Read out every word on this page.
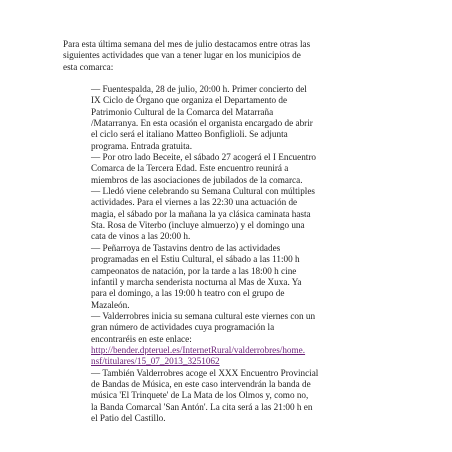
Para esta última semana del mes de julio destacamos entre otras las
siguientes actividades que van a tener lugar en los municipios de
esta comarca:

— Fuentespalda, 28 de julio, 20:00 h. Primer concierto del
IX Ciclo de Órgano que organiza el Departamento de
Patrimonio Cultural de la Comarca del Matarraña
/Matarranya. En esta ocasión el organista encargado de abrir
el ciclo será el italiano Matteo Bonfiglioli. Se adjunta
programa. Entrada gratuita.

— Por otro lado Beceite, el sábado 27 acogerá el I Encuentro
Comarca de la Tercera Edad. Este encuentro reunirá a
miembros de las asociaciones de jubilados de la comarca.

— Lledó viene celebrando su Semana Cultural con múltiples
actividades. Para el viernes a las 22:30 una actuación de
magia, el sábado por la mañana la ya clásica caminata hasta
Sta. Rosa de Viterbo (incluye almuerzo) y el domingo una
cata de vinos a las 20:00 h.

— Peñarroya de Tastavins dentro de las actividades
programadas en el Estiu Cultural, el sábado a las 11:00 h
campeonatos de natación, por la tarde a las 18:00 h cine
infantil y marcha senderista nocturna al Mas de Xuxa. Ya
para el domingo, a las 19:00 h teatro con el grupo de
Mazaleón.

— Valderrobres inicia su semana cultural este viernes con un
gran número de actividades cuya programación la
encontraréis en este enlace:

http://bender.dpteruel.es/InternetRural/valderrobres/home.
nsf/titulares/15_07_2013_3251062

— También Valderrobres acoge el XXX Encuentro Provincial
de Bandas de Música, en este caso intervendrán la banda de
música 'El Trinquete' de La Mata de los Olmos y, como no,
la Banda Comarcal 'San Antón'. La cita será a las 21:00 h en
el Patio del Castillo.
